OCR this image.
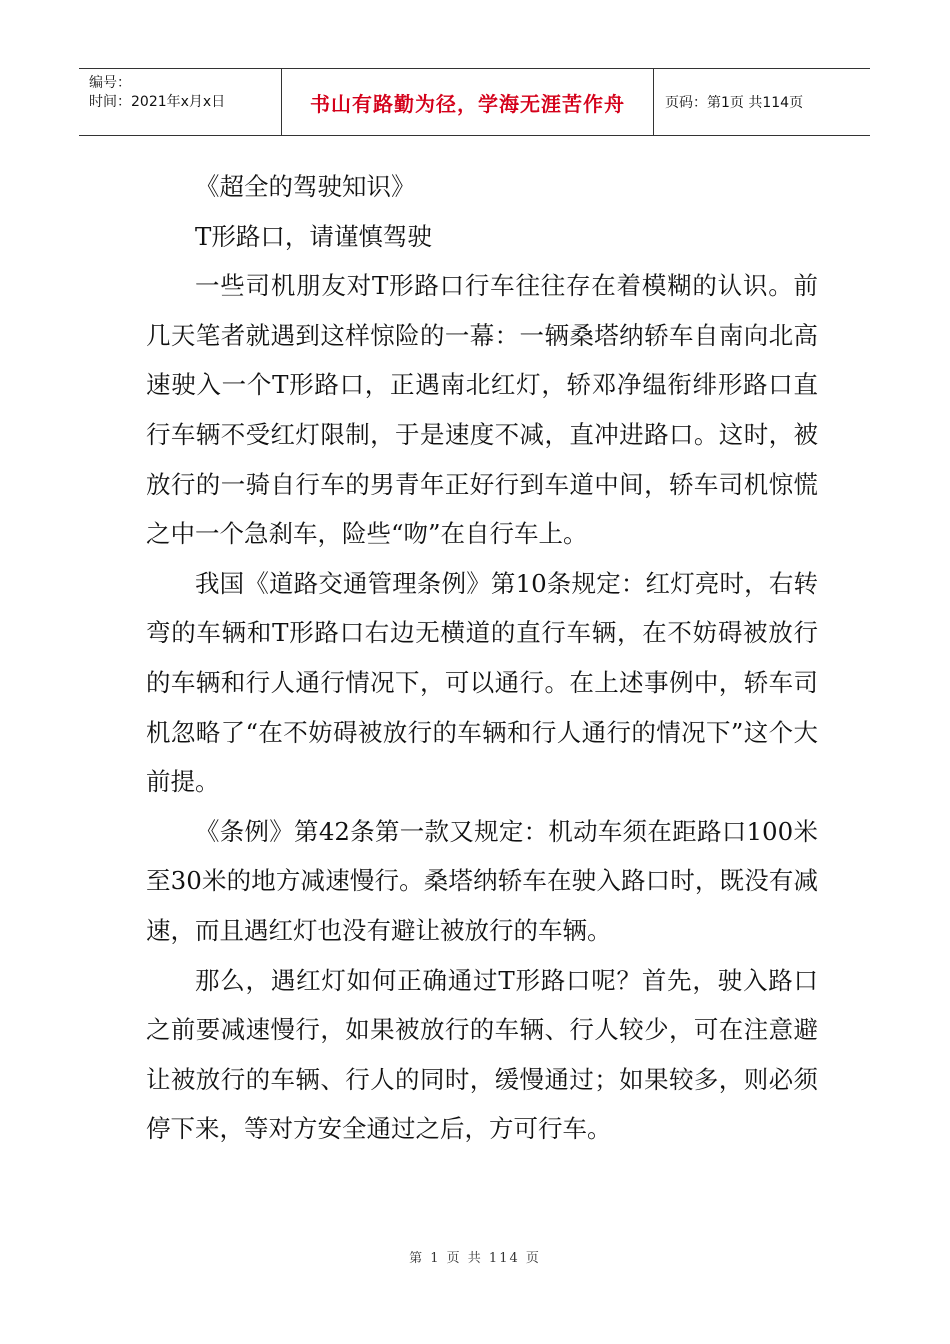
编号：
时间：2021年x月x日	书山有路勤为径，学海无涯苦作舟	页码：第1页 共114页

《超全的驾驶知识》

T形路口，请谨慎驾驶

一些司机朋友对T形路口行车往往存在着模糊的认识。前几天笔者就遇到这样惊险的一幕：一辆桑塔纳轿车自南向北高速驶入一个T形路口，正遇南北红灯，轿邓净缊衔绯形路口直行车辆不受红灯限制，于是速度不减，直冲进路口。这时，被放行的一骑自行车的男青年正好行到车道中间，轿车司机惊慌之中一个急刹车，险些“吻”在自行车上。

我国《道路交通管理条例》第10条规定：红灯亮时，右转弯的车辆和T形路口右边无横道的直行车辆，在不妨碍被放行的车辆和行人通行情况下，可以通行。在上述事例中，轿车司机忽略了“在不妨碍被放行的车辆和行人通行的情况下”这个大前提。

《条例》第42条第一款又规定：机动车须在距路口100米至30米的地方减速慢行。桑塔纳轿车在驶入路口时，既没有减速，而且遇红灯也没有避让被放行的车辆。

那么，遇红灯如何正确通过T形路口呢？首先，驶入路口之前要减速慢行，如果被放行的车辆、行人较少，可在注意避让被放行的车辆、行人的同时，缓慢通过；如果较多，则必须停下来，等对方安全通过之后，方可行车。

第 1 页 共 114 页
